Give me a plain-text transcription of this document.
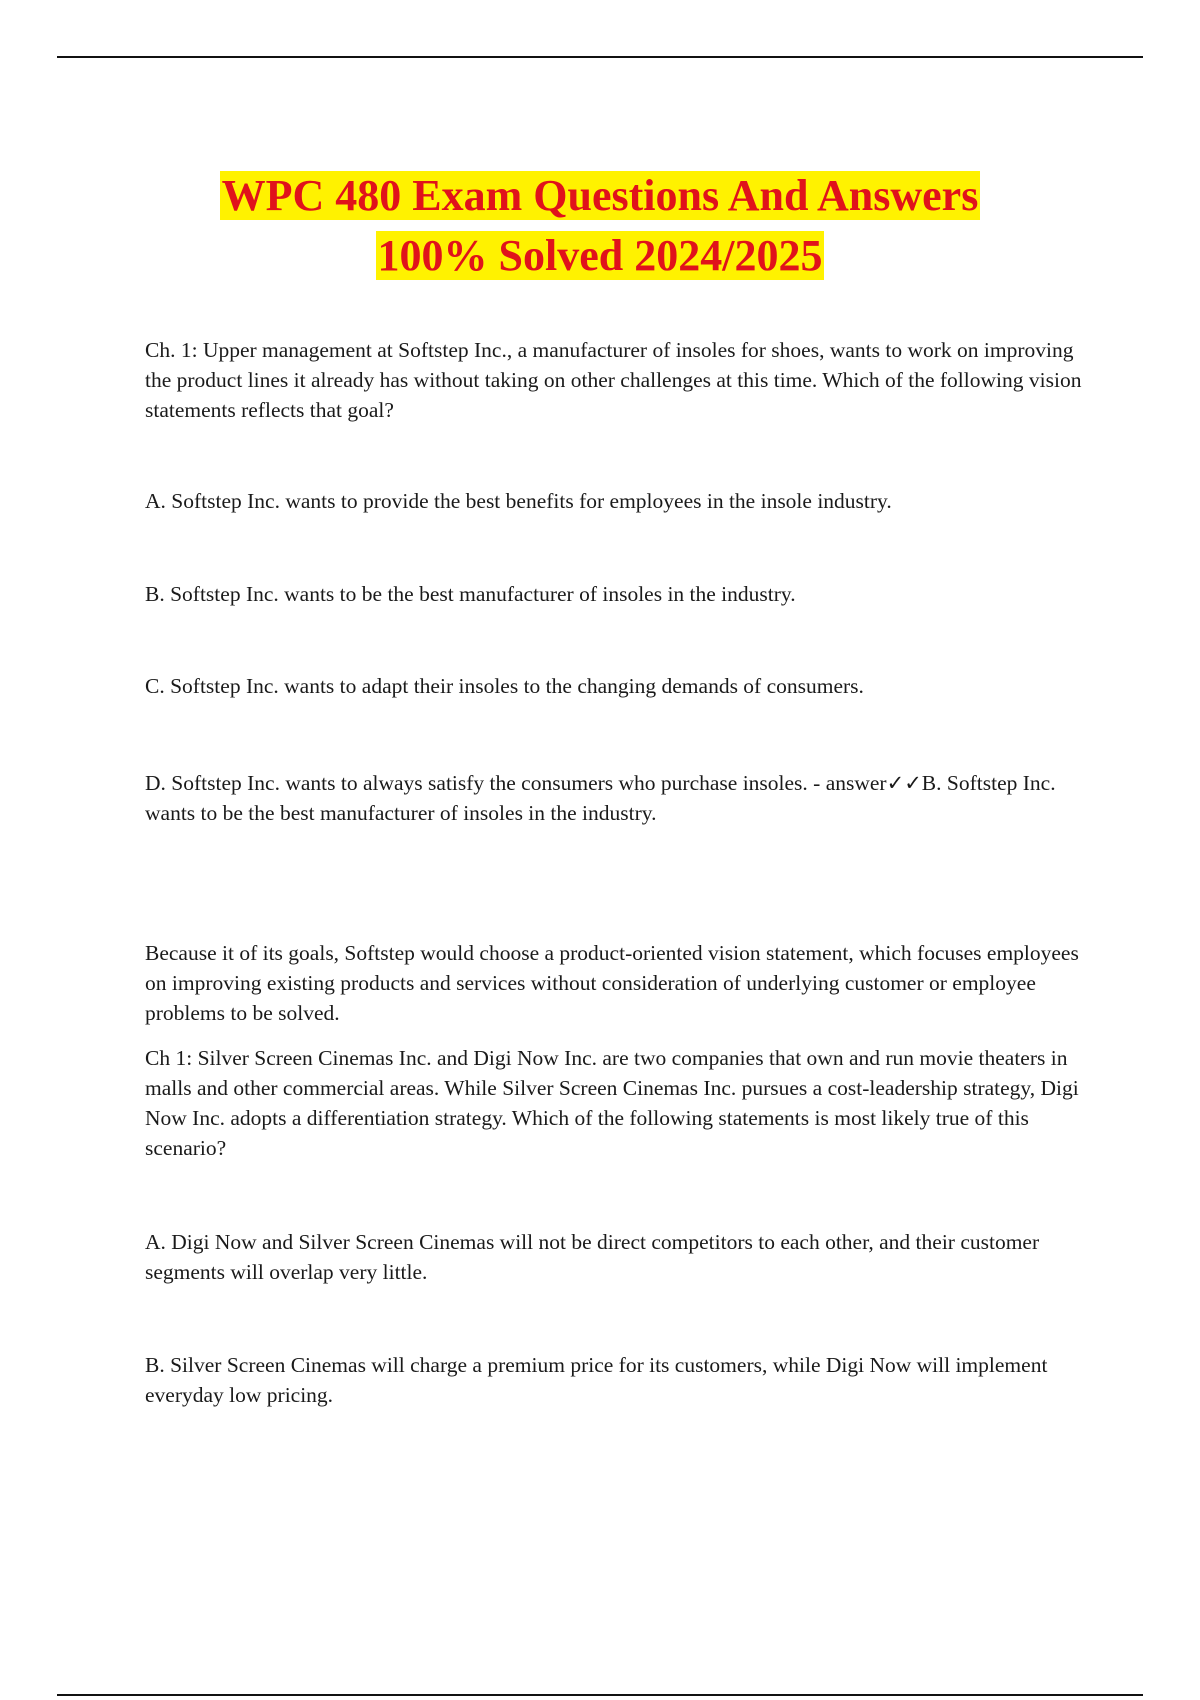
WPC 480 Exam Questions And Answers
100% Solved 2024/2025

Ch. 1: Upper management at Softstep Inc., a manufacturer of insoles for shoes, wants to work on improving the product lines it already has without taking on other challenges at this time. Which of the following vision statements reflects that goal?

A. Softstep Inc. wants to provide the best benefits for employees in the insole industry.

B. Softstep Inc. wants to be the best manufacturer of insoles in the industry.

C. Softstep Inc. wants to adapt their insoles to the changing demands of consumers.

D. Softstep Inc. wants to always satisfy the consumers who purchase insoles. - answer✓✓B. Softstep Inc. wants to be the best manufacturer of insoles in the industry.

Because it of its goals, Softstep would choose a product-oriented vision statement, which focuses employees on improving existing products and services without consideration of underlying customer or employee problems to be solved.

Ch 1: Silver Screen Cinemas Inc. and Digi Now Inc. are two companies that own and run movie theaters in malls and other commercial areas. While Silver Screen Cinemas Inc. pursues a cost-leadership strategy, Digi Now Inc. adopts a differentiation strategy. Which of the following statements is most likely true of this scenario?

A. Digi Now and Silver Screen Cinemas will not be direct competitors to each other, and their customer segments will overlap very little.

B. Silver Screen Cinemas will charge a premium price for its customers, while Digi Now will implement everyday low pricing.
